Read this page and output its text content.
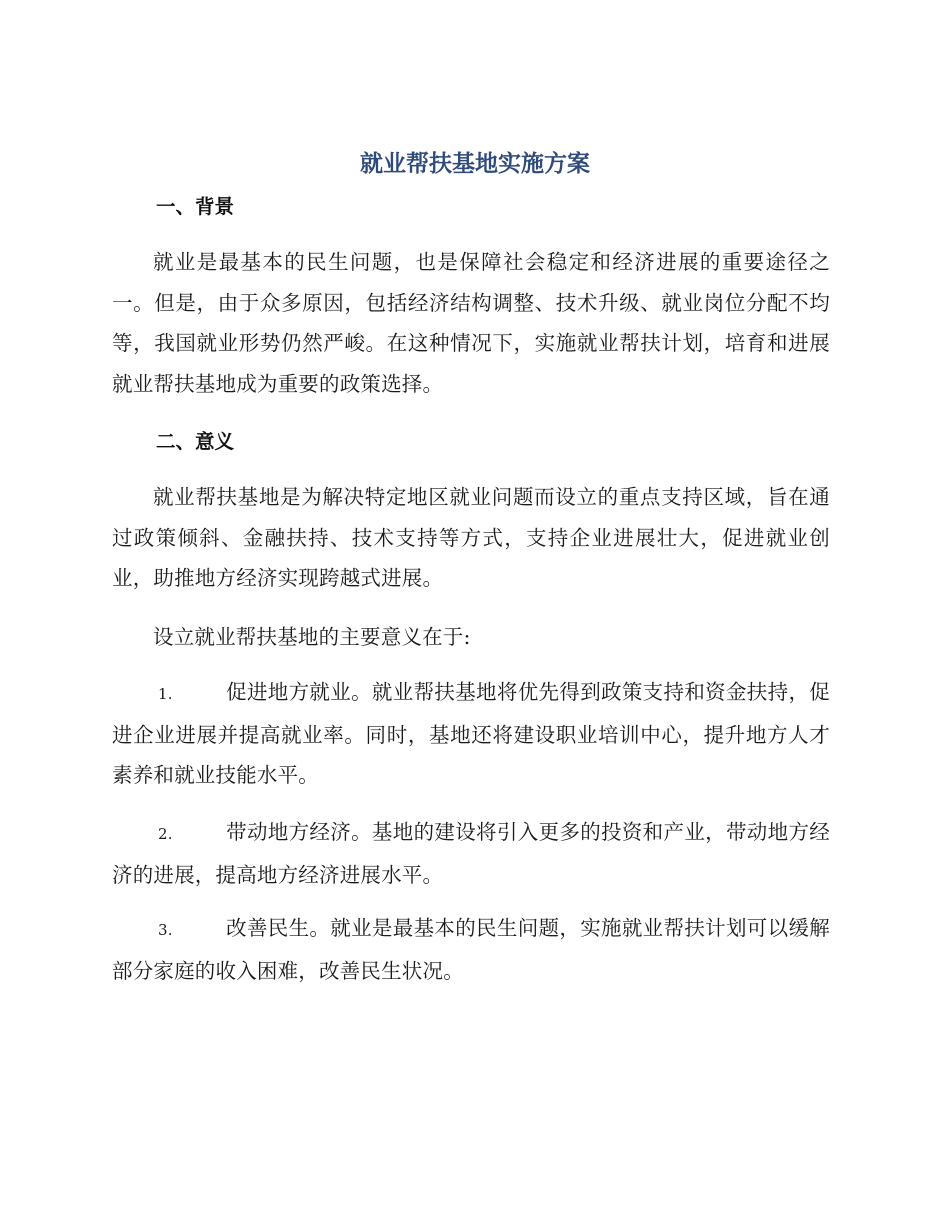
就业帮扶基地实施方案
一、背景

就业是最基本的民生问题，也是保障社会稳定和经济进展的重要途径之一。但是，由于众多原因，包括经济结构调整、技术升级、就业岗位分配不均等，我国就业形势仍然严峻。在这种情况下，实施就业帮扶计划，培育和进展就业帮扶基地成为重要的政策选择。

二、意义

就业帮扶基地是为解决特定地区就业问题而设立的重点支持区域，旨在通过政策倾斜、金融扶持、技术支持等方式，支持企业进展壮大，促进就业创业，助推地方经济实现跨越式进展。

设立就业帮扶基地的主要意义在于:

1.	促进地方就业。就业帮扶基地将优先得到政策支持和资金扶持，促进企业进展并提高就业率。同时，基地还将建设职业培训中心，提升地方人才素养和就业技能水平。

2.	带动地方经济。基地的建设将引入更多的投资和产业，带动地方经济的进展，提高地方经济进展水平。

3.	改善民生。就业是最基本的民生问题，实施就业帮扶计划可以缓解部分家庭的收入困难，改善民生状况。
